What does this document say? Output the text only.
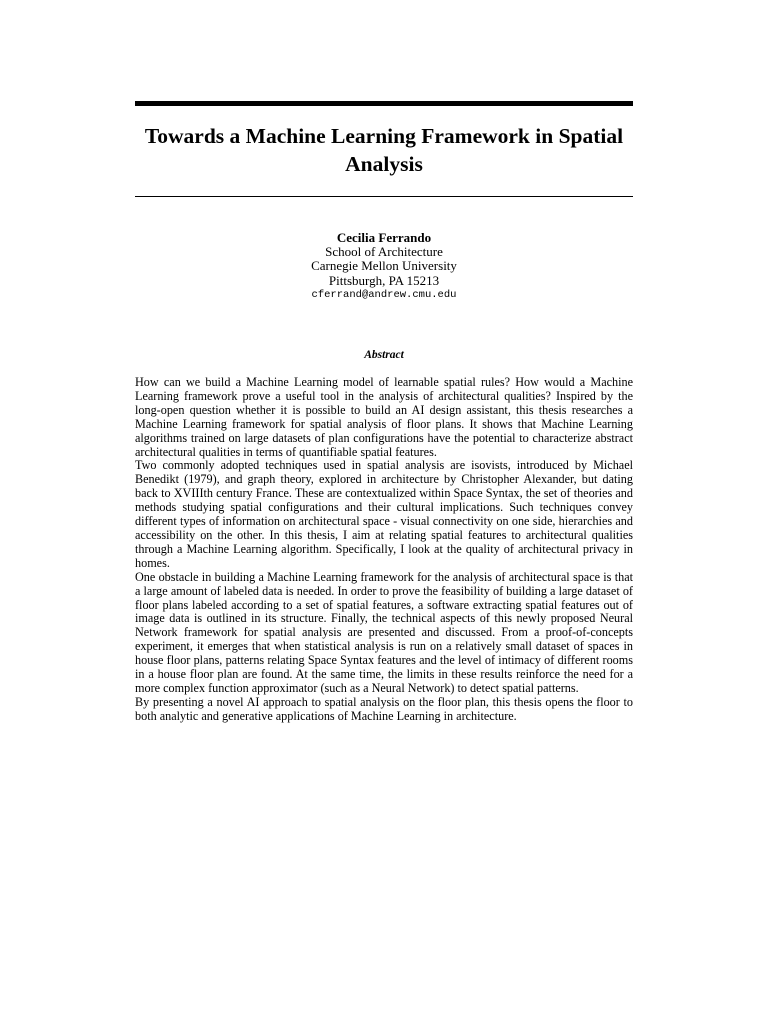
Towards a Machine Learning Framework in Spatial Analysis
Cecilia Ferrando
School of Architecture
Carnegie Mellon University
Pittsburgh, PA 15213
cferrand@andrew.cmu.edu
Abstract

How can we build a Machine Learning model of learnable spatial rules? How would a Machine Learning framework prove a useful tool in the analysis of architectural qualities? Inspired by the long-open question whether it is possible to build an AI design assistant, this thesis researches a Machine Learning framework for spatial analysis of floor plans. It shows that Machine Learning algorithms trained on large datasets of plan configurations have the potential to characterize abstract architectural qualities in terms of quantifiable spatial features.

Two commonly adopted techniques used in spatial analysis are isovists, introduced by Michael Benedikt (1979), and graph theory, explored in architecture by Christopher Alexander, but dating back to XVIIIth century France. These are contextualized within Space Syntax, the set of theories and methods studying spatial configurations and their cultural implications. Such techniques convey different types of information on architectural space - visual connectivity on one side, hierarchies and accessibility on the other. In this thesis, I aim at relating spatial features to architectural qualities through a Machine Learning algorithm. Specifically, I look at the quality of architectural privacy in homes.

One obstacle in building a Machine Learning framework for the analysis of architectural space is that a large amount of labeled data is needed. In order to prove the feasibility of building a large dataset of floor plans labeled according to a set of spatial features, a software extracting spatial features out of image data is outlined in its structure. Finally, the technical aspects of this newly proposed Neural Network framework for spatial analysis are presented and discussed. From a proof-of-concepts experiment, it emerges that when statistical analysis is run on a relatively small dataset of spaces in house floor plans, patterns relating Space Syntax features and the level of intimacy of different rooms in a house floor plan are found. At the same time, the limits in these results reinforce the need for a more complex function approximator (such as a Neural Network) to detect spatial patterns.

By presenting a novel AI approach to spatial analysis on the floor plan, this thesis opens the floor to both analytic and generative applications of Machine Learning in architecture.
